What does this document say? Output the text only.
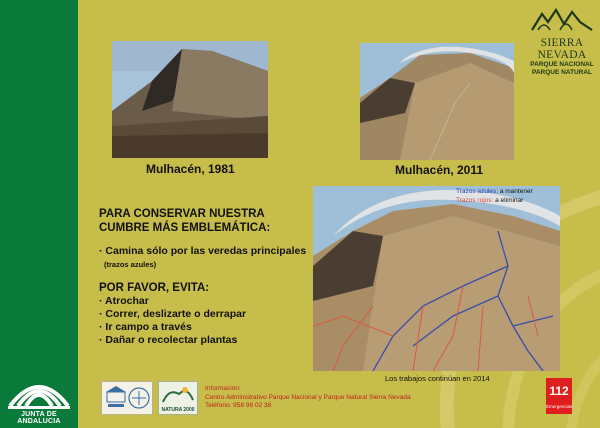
JUNTA DE ANDALUCIA
Mulhacén, 1981	Mulhacén, 2011
SIERRA
NEVADA
PARQUE NACIONAL
PARQUE NATURAL
PARA CONSERVAR NUESTRA
CUMBRE MÁS EMBLEMÁTICA:
· Camina sólo por las veredas principales
(trazos azules)
POR FAVOR, EVITA:
· Atrochar
· Correr, deslizarte o derrapar
· Ir campo a través
· Dañar o recolectar plantas
Trazos azules: a mantener
Trazos rojos: a eliminar
Los trabajos continúan en 2014
NATURA 2000
Información:
Centro Administrativo Parque Nacional y Parque Natural Sierra Nevada
Teléfono: 958 98 02 38
112
Emergencias
